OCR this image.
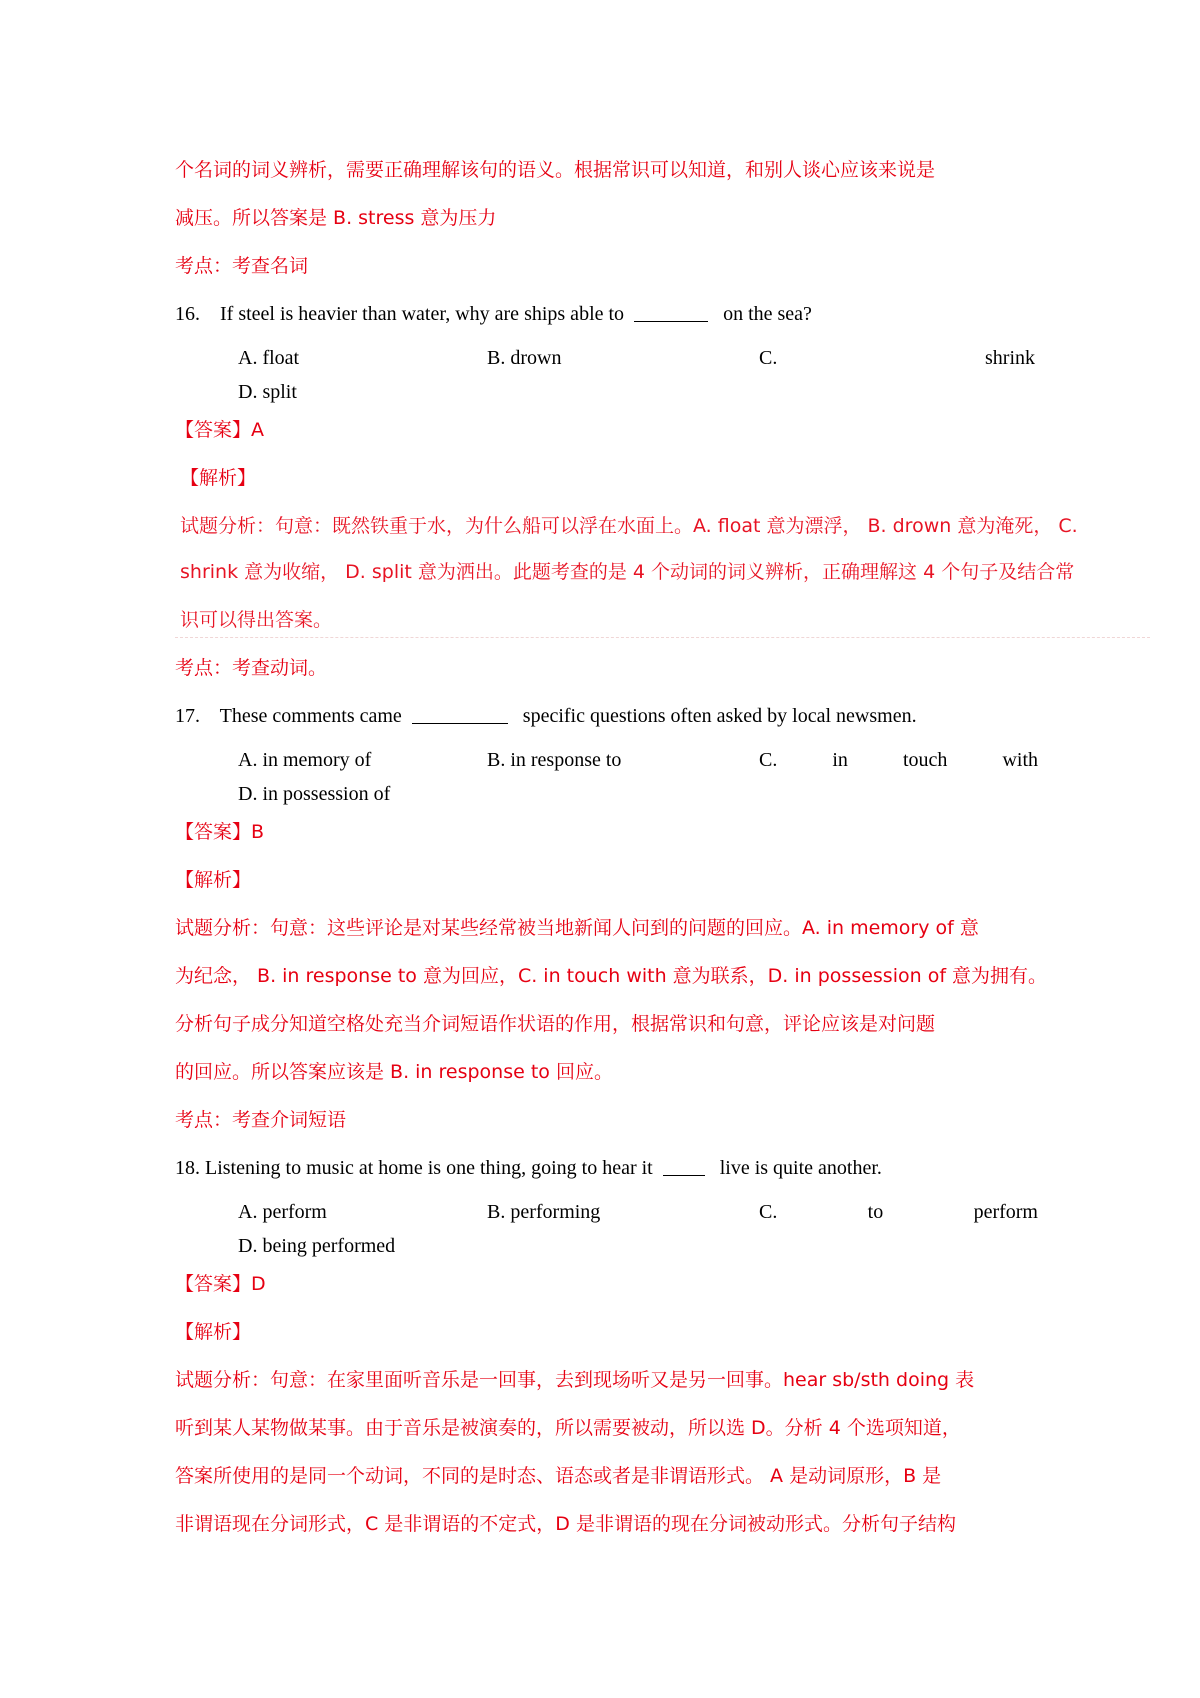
个名词的词义辨析，需要正确理解该句的语义。根据常识可以知道，和别人谈心应该来说是
减压。所以答案是 B. stress 意为压力
考点：考查名词
16. If steel is heavier than water, why are ships able to	on the sea?
A. float	B. drown	C.	shrink
D. split
【答案】A
【解析】
试题分析：句意：既然铁重于水，为什么船可以浮在水面上。A. float 意为漂浮， B. drown 意为淹死， C.
shrink 意为收缩， D. split 意为洒出。此题考查的是 4 个动词的词义辨析，正确理解这 4 个句子及结合常
识可以得出答案。
考点：考查动词。
17. These comments came	specific questions often asked by local newsmen.
A. in memory of	B. in response to	C.	in	touch	with
D. in possession of
【答案】B
【解析】
试题分析：句意：这些评论是对某些经常被当地新闻人问到的问题的回应。A. in memory of 意
为纪念， B. in response to 意为回应，C. in touch with 意为联系，D. in possession of 意为拥有。
分析句子成分知道空格处充当介词短语作状语的作用，根据常识和句意，评论应该是对问题
的回应。所以答案应该是 B. in response to 回应。
考点：考查介词短语
18. Listening to music at home is one thing, going to hear it	live is quite another.
A. perform	B. performing	C.	to	perform
D. being performed
【答案】D
【解析】
试题分析：句意：在家里面听音乐是一回事，去到现场听又是另一回事。hear sb/sth doing 表
听到某人某物做某事。由于音乐是被演奏的，所以需要被动，所以选 D。分析 4 个选项知道，
答案所使用的是同一个动词，不同的是时态、语态或者是非谓语形式。 A 是动词原形，B 是
非谓语现在分词形式，C 是非谓语的不定式，D 是非谓语的现在分词被动形式。分析句子结构
